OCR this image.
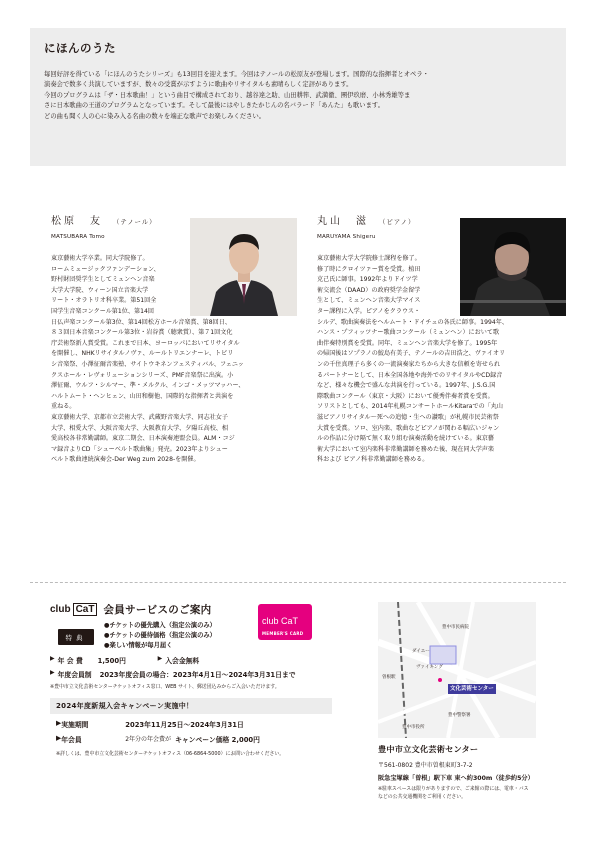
にほんのうた

毎回好評を得ている「にほんのうたシリーズ」も13回目を迎えます。今回はテノールの松原友が登場します。国際的な指揮者とオペラ・

演奏会で数多く共演していますが、数々の受賞が示すように歌曲やリサイタルも素晴らしく定評があります。

今回のプログラムは「ザ・日本歌曲！」という曲目で構成されており、越谷達之助、山田耕筰、武満徹、團伊玖磨、小林秀雄等ま

さに日本歌曲の王道のプログラムとなっています。そして最後にはやしきたかじんの名バラード「あんた」も歌います。

どの曲も聞く人の心に染み入る名曲の数々を端正な歌声でお楽しみください。

松原　友 （テノール）
MATSUBARA Tomo
東京藝術大学卒業。同大学院修了。
ロームミュージックファンデーション、
野村財団奨学生としてミュンヘン音楽
大学大学院、ウィーン国立音楽大学
リート・オラトリオ科卒業。第51回全
国学生音楽コンクール第1位、第14回
日仏声楽コンクール第3位、第14回松方ホール音楽賞、第8回日、
８３回日本音楽コンクール第3位・岩谷賞（聴衆賞）、第７1回文化
庁芸術祭新人賞受賞。これまで日本、ヨーロッパにおいてリサイタル
を開催し、NHKリサイタルノヴァ、ルールトリエンナーレ、トビリ
シ音楽祭、小澤征爾音楽塾、サイトウキネンフェスティバル、フェニッ
クスホール・レヴォリューションシリーズ、PMF音楽祭に出演。小
澤征爾、ウルフ・シルマー、準・メルクル、インゴ・メッツマッハー、
ハルトムート・ヘンヒェン、山田和樹他、国際的な指揮者と共演を
重ねる。
東京藝術大学、京都市立芸術大学、武蔵野音楽大学、同志社女子
大学、相愛大学、大阪音楽大学、大阪教育大学、夕陽丘高校、相
愛高校各非常勤講師。東京二期会、日本演奏連盟会員。ALM・コジ
マ録音よりCD「シューベルト歌曲集」発売。2023年よりシュー
ベルト歌曲連続演奏会-Der Weg zum 2028-を開催。
丸山　滋 （ピアノ）
MARUYAMA Shigeru
東京藝術大学大学院修士課程を修了。
修了時にクロイツァー賞を受賞。植田
克己氏に師事。1992年よりドイツ学
術交流会（DAAD）の政府奨学金留学
生として、ミュンヘン音楽大学マイス
ター課程に入学。ピアノをクラウス・
シルデ、歌曲演奏法をヘルムート・ドイチュの各氏に師事。1994年、
ハンス・プフィッツナー歌曲コンクール（ミュンヘン）において歌
曲伴奏特別賞を受賞。同年、ミュンヘン音楽大学を修了。1995年
の帰国後はソプラノの鮫島有美子、テノールの吉田浩之、ヴァイオリ
ンの千住真理子ら多くの一流演奏家たちから大きな信頼を寄せられ
るパートナーとして、日本全国各地や海外でのリサイタルやCD録音
など、様々な機会で盛んな共演を行っている。1997年、J.S.G.国
際歌曲コンクール（東京・大阪）において優秀伴奏者賞を受賞。
ソリストとしても、2014年札幌コンサートホールKitaraでの「丸山
滋ピアノリサイタル～死への追憶・生への讃歌」が札幌市民芸術祭
大賞を受賞。ソロ、室内楽、歌曲などピアノが関わる幅広いジャン
ルの作品に分け隔て無く取り組む演奏活動を続けている。東京藝
術大学において室内楽科非常勤講師を務めた後、現在同大学声楽
科および ピアノ科非常勤講師を務める。
club CaT 会員サービスのご案内
特典
●チケットの優先購入（指定公演のみ）
●チケットの優待価格（指定公演のみ）
●楽しい情報が毎月届く
club CaT
MEMBER'S CARD
▶ 年 会 費	1,500円	▶ 入会金無料
▶ 年度会員制 2023年度会員の場合：2023年4月1日～2024年3月31日まで
※豊中市立文化芸術センターチケットオフィス窓口、WEB サイト、郵送団込みからご入会いただけます。
2024年度新規入会キャンペーン実施中！
▶ 実施期間	2023年11月25日～2024年3月31日
▶ 年会員	2年分の年会費が キャンペーン価格 2,000円
※詳しくは、豊中市立文化芸術センターチケットオフィス（06-6864-5000）にお問い合わせください。
文化芸術センター
曽根駅
ダイエー
ヴァイキング
豊中市民病院
豊中警察署
豊中市役所
豊中市立文化芸術センター
〒561-0802 豊中市曽根東町3-7-2
阪急宝塚線「曽根」駅下車 東へ約300m（徒歩約5分）
※駐車スペースは限りがありますので、ご来館の際には、電車・バス
などの公共交通機関をご利用ください。
